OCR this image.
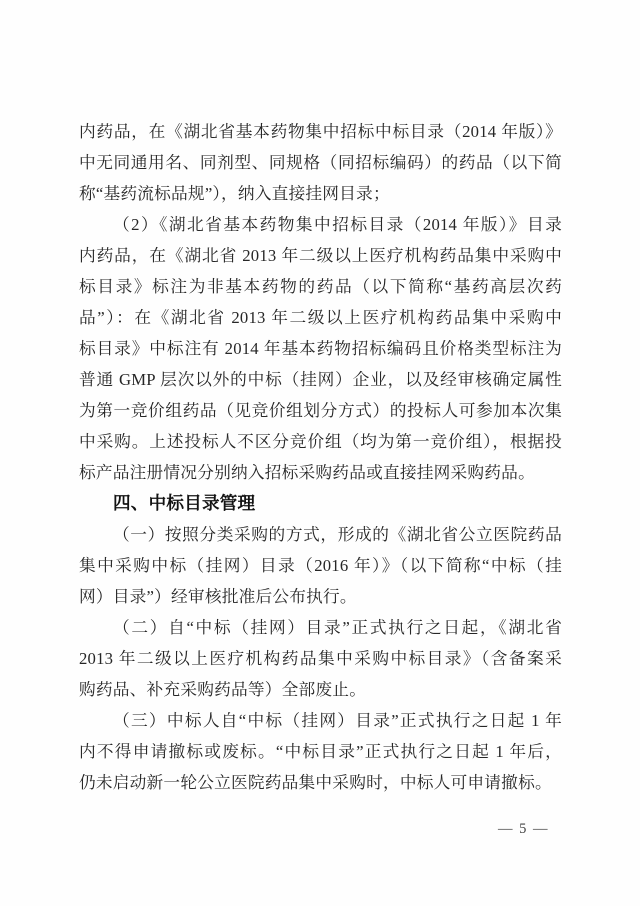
内药品，在《湖北省基本药物集中招标中标目录（2014 年版）》
中无同通用名、同剂型、同规格（同招标编码）的药品（以下简
称“基药流标品规”），纳入直接挂网目录；
（2）《湖北省基本药物集中招标目录（2014 年版）》目录
内药品，在《湖北省 2013 年二级以上医疗机构药品集中采购中
标目录》标注为非基本药物的药品（以下简称“基药高层次药
品”）：在《湖北省 2013 年二级以上医疗机构药品集中采购中
标目录》中标注有 2014 年基本药物招标编码且价格类型标注为
普通 GMP 层次以外的中标（挂网）企业，以及经审核确定属性
为第一竞价组药品（见竞价组划分方式）的投标人可参加本次集
中采购。上述投标人不区分竞价组（均为第一竞价组），根据投
标产品注册情况分别纳入招标采购药品或直接挂网采购药品。
四、中标目录管理
（一）按照分类采购的方式，形成的《湖北省公立医院药品
集中采购中标（挂网）目录（2016 年）》（以下简称“中标（挂
网）目录”）经审核批准后公布执行。
（二）自“中标（挂网）目录”正式执行之日起，《湖北省
2013 年二级以上医疗机构药品集中采购中标目录》（含备案采
购药品、补充采购药品等）全部废止。
（三）中标人自“中标（挂网）目录”正式执行之日起 1 年
内不得申请撤标或废标。“中标目录”正式执行之日起 1 年后，
仍未启动新一轮公立医院药品集中采购时，中标人可申请撤标。
— 5 —
